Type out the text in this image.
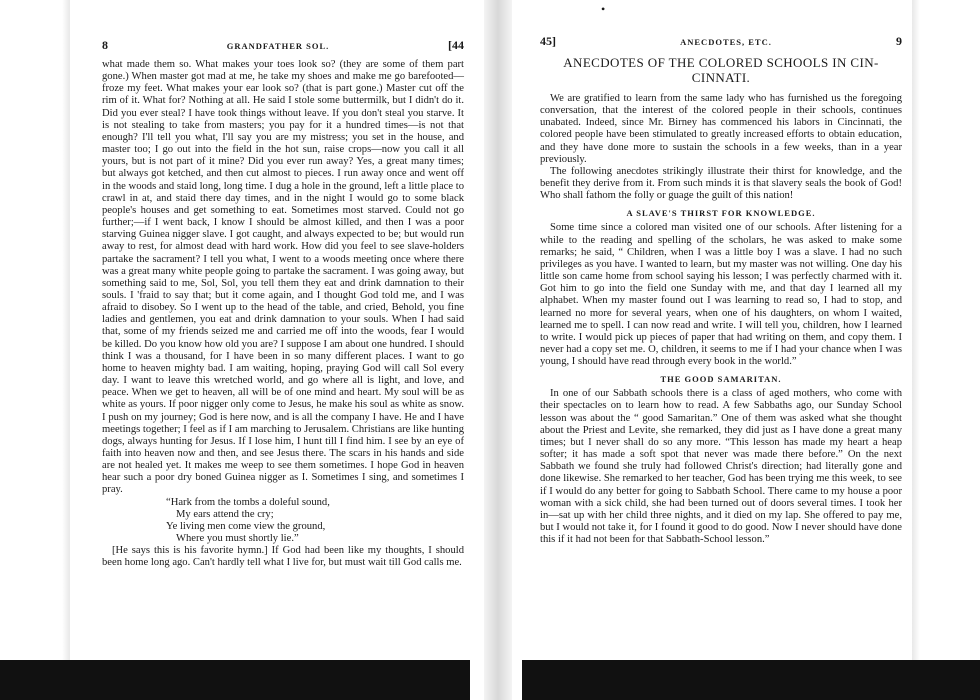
8	GRANDFATHER SOL.	[44

what made them so. What makes your toes look so? (they are some of them part gone.) When master got mad at me, he take my shoes and make me go barefooted—froze my feet. What makes your ear look so? (that is part gone.) Master cut off the rim of it. What for? Nothing at all. He said I stole some buttermilk, but I didn't do it. Did you ever steal? I have took things without leave. If you don't steal you starve. It is not stealing to take from masters; you pay for it a hundred times—is not that enough? I'll tell you what, I'll say you are my mistress; you set in the house, and master too; I go out into the field in the hot sun, raise crops—now you call it all yours, but is not part of it mine? Did you ever run away? Yes, a great many times; but always got ketched, and then cut almost to pieces. I run away once and went off in the woods and staid long, long time. I dug a hole in the ground, left a little place to crawl in at, and staid there day times, and in the night I would go to some black people's houses and get something to eat. Sometimes most starved. Could not go further;—if I went back, I know I should be almost killed, and then I was a poor starving Guinea nigger slave. I got caught, and always expected to be; but would run away to rest, for almost dead with hard work. How did you feel to see slave-holders partake the sacrament? I tell you what, I went to a woods meeting once where there was a great many white people going to partake the sacrament. I was going away, but something said to me, Sol, Sol, you tell them they eat and drink damnation to their souls. I 'fraid to say that; but it come again, and I thought God told me, and I was afraid to disobey. So I went up to the head of the table, and cried, Behold, you fine ladies and gentlemen, you eat and drink damnation to your souls. When I had said that, some of my friends seized me and carried me off into the woods, fear I would be killed. Do you know how old you are? I suppose I am about one hundred. I should think I was a thousand, for I have been in so many different places. I want to go home to heaven mighty bad. I am waiting, hoping, praying God will call Sol every day. I want to leave this wretched world, and go where all is light, and love, and peace. When we get to heaven, all will be of one mind and heart. My soul will be as white as yours. If poor nigger only come to Jesus, he make his soul as white as snow. I push on my journey; God is here now, and is all the company I have. He and I have meetings together; I feel as if I am marching to Jerusalem. Christians are like hunting dogs, always hunting for Jesus. If I lose him, I hunt till I find him. I see by an eye of faith into heaven now and then, and see Jesus there. The scars in his hands and side are not healed yet. It makes me weep to see them sometimes. I hope God in heaven hear such a poor dry boned Guinea nigger as I. Sometimes I sing, and sometimes I pray.

“Hark from the tombs a doleful sound,
My ears attend the cry;
Ye living men come view the ground,
Where you must shortly lie.”

[He says this is his favorite hymn.] If God had been like my thoughts, I should been home long ago. Can't hardly tell what I live for, but must wait till God calls me.

•
45]	ANECDOTES, ETC.	9
ANECDOTES OF THE COLORED SCHOOLS IN CIN-
CINNATI.

We are gratified to learn from the same lady who has furnished us the foregoing conversation, that the interest of the colored people in their schools, continues unabated. Indeed, since Mr. Birney has commenced his labors in Cincinnati, the colored people have been stimulated to greatly increased efforts to obtain education, and they have done more to sustain the schools in a few weeks, than in a year previously.

The following anecdotes strikingly illustrate their thirst for knowledge, and the benefit they derive from it. From such minds it is that slavery seals the book of God! Who shall fathom the folly or guage the guilt of this nation!

A SLAVE'S THIRST FOR KNOWLEDGE.

Some time since a colored man visited one of our schools. After listening for a while to the reading and spelling of the scholars, he was asked to make some remarks; he said, “ Children, when I was a little boy I was a slave. I had no such privileges as you have. I wanted to learn, but my master was not willing. One day his little son came home from school saying his lesson; I was perfectly charmed with it. Got him to go into the field one Sunday with me, and that day I learned all my alphabet. When my master found out I was learning to read so, I had to stop, and learned no more for several years, when one of his daughters, on whom I waited, learned me to spell. I can now read and write. I will tell you, children, how I learned to write. I would pick up pieces of paper that had writing on them, and copy them. I never had a copy set me. O, children, it seems to me if I had your chance when I was young, I should have read through every book in the world.”

THE GOOD SAMARITAN.

In one of our Sabbath schools there is a class of aged mothers, who come with their spectacles on to learn how to read. A few Sabbaths ago, our Sunday School lesson was about the “ good Samaritan.” One of them was asked what she thought about the Priest and Levite, she remarked, they did just as I have done a great many times; but I never shall do so any more. “This lesson has made my heart a heap softer; it has made a soft spot that never was made there before.” On the next Sabbath we found she truly had followed Christ's direction; had literally gone and done likewise. She remarked to her teacher, God has been trying me this week, to see if I would do any better for going to Sabbath School. There came to my house a poor woman with a sick child, she had been turned out of doors several times. I took her in—sat up with her child three nights, and it died on my lap. She offered to pay me, but I would not take it, for I found it good to do good. Now I never should have done this if it had not been for that Sabbath-School lesson.”
